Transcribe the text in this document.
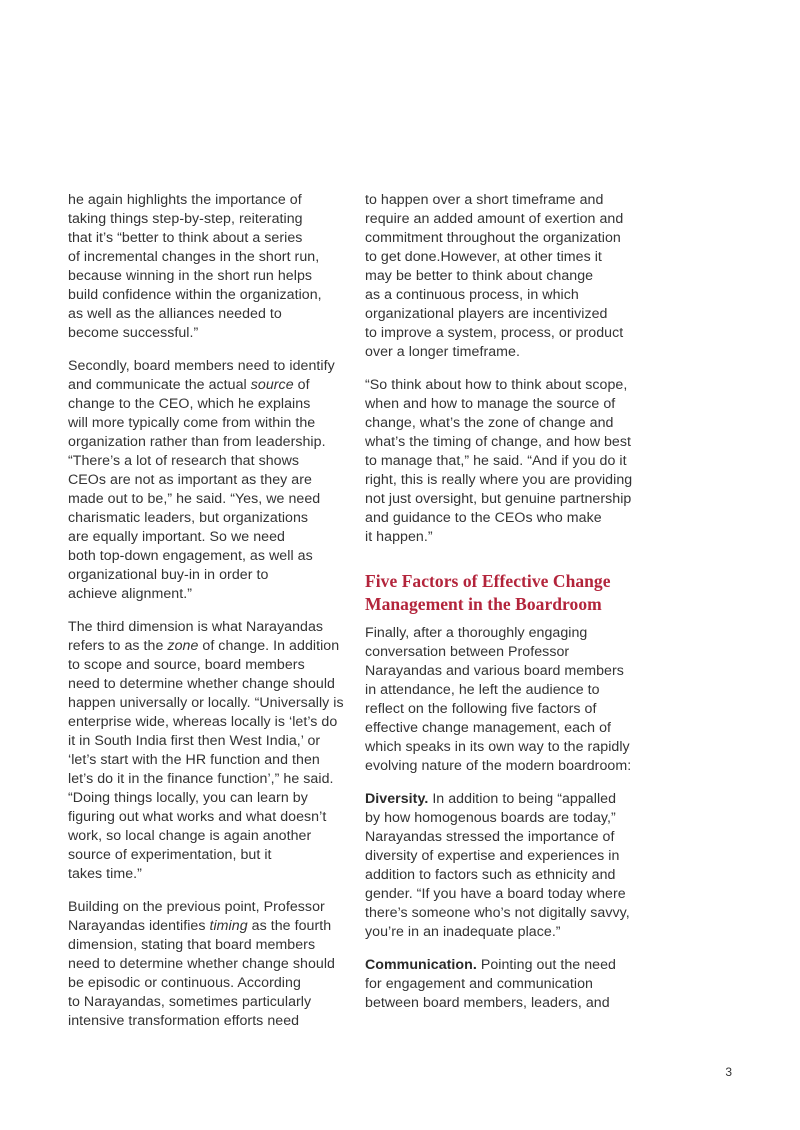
he again highlights the importance of
taking things step-by-step, reiterating
that it’s “better to think about a series
of incremental changes in the short run,
because winning in the short run helps
build confidence within the organization,
as well as the alliances needed to
become successful.”
Secondly, board members need to identify
and communicate the actual source of
change to the CEO, which he explains
will more typically come from within the
organization rather than from leadership.
“There’s a lot of research that shows
CEOs are not as important as they are
made out to be,” he said. “Yes, we need
charismatic leaders, but organizations
are equally important. So we need
both top-down engagement, as well as
organizational buy-in in order to
achieve alignment.”
The third dimension is what Narayandas
refers to as the zone of change. In addition
to scope and source, board members
need to determine whether change should
happen universally or locally. “Universally is
enterprise wide, whereas locally is ‘let’s do
it in South India first then West India,’ or
‘let’s start with the HR function and then
let’s do it in the finance function’,” he said.
“Doing things locally, you can learn by
figuring out what works and what doesn’t
work, so local change is again another
source of experimentation, but it
takes time.”
Building on the previous point, Professor
Narayandas identifies timing as the fourth
dimension, stating that board members
need to determine whether change should
be episodic or continuous. According
to Narayandas, sometimes particularly
intensive transformation efforts need
to happen over a short timeframe and
require an added amount of exertion and
commitment throughout the organization
to get done.However, at other times it
may be better to think about change
as a continuous process, in which
organizational players are incentivized
to improve a system, process, or product
over a longer timeframe.
“So think about how to think about scope,
when and how to manage the source of
change, what’s the zone of change and
what’s the timing of change, and how best
to manage that,” he said. “And if you do it
right, this is really where you are providing
not just oversight, but genuine partnership
and guidance to the CEOs who make
it happen.”
Five Factors of Effective Change
Management in the Boardroom
Finally, after a thoroughly engaging
conversation between Professor
Narayandas and various board members
in attendance, he left the audience to
reflect on the following five factors of
effective change management, each of
which speaks in its own way to the rapidly
evolving nature of the modern boardroom:
Diversity. In addition to being “appalled
by how homogenous boards are today,”
Narayandas stressed the importance of
diversity of expertise and experiences in
addition to factors such as ethnicity and
gender. “If you have a board today where
there’s someone who’s not digitally savvy,
you’re in an inadequate place.”
Communication. Pointing out the need
for engagement and communication
between board members, leaders, and
3
